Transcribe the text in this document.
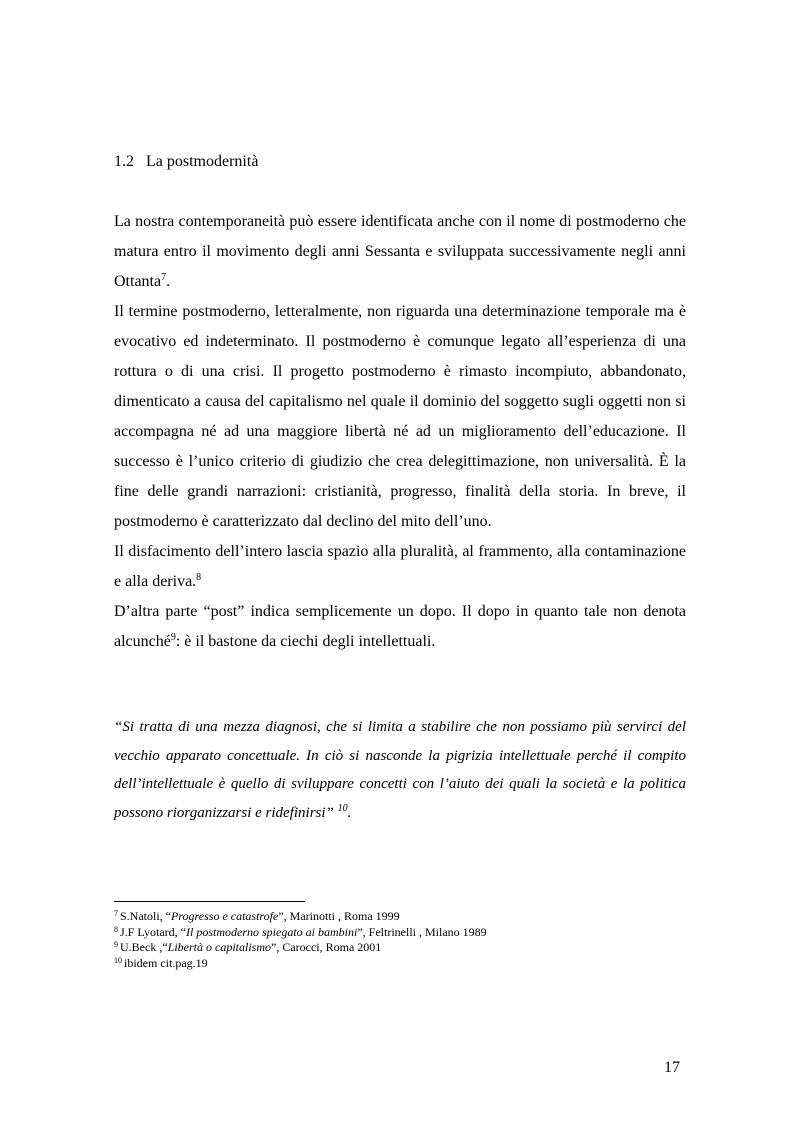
1.2 La postmodernità

La nostra contemporaneità può essere identificata anche con il nome di postmoderno che matura entro il movimento degli anni Sessanta e sviluppata successivamente negli anni Ottanta$^7$.

Il termine postmoderno, letteralmente, non riguarda una determinazione temporale ma è evocativo ed indeterminato. Il postmoderno è comunque legato all’esperienza di una rottura o di una crisi. Il progetto postmoderno è rimasto incompiuto, abbandonato, dimenticato a causa del capitalismo nel quale il dominio del soggetto sugli oggetti non si accompagna né ad una maggiore libertà né ad un miglioramento dell’educazione. Il successo è l’unico criterio di giudizio che crea delegittimazione, non universalità. È la fine delle grandi narrazioni: cristianità, progresso, finalità della storia. In breve, il postmoderno è caratterizzato dal declino del mito dell’uno.

Il disfacimento dell’intero lascia spazio alla pluralità, al frammento, alla contaminazione e alla deriva.$^8$

D’altra parte “post” indica semplicemente un dopo. Il dopo in quanto tale non denota alcunché$^9$: è il bastone da ciechi degli intellettuali.

“Si tratta di una mezza diagnosi, che si limita a stabilire che non possiamo più servirci del vecchio apparato concettuale. In ciò si nasconde la pigrizia intellettuale perché il compito dell’intellettuale è quello di sviluppare concetti con l’aiuto dei quali la società e la politica possono riorganizzarsi e ridefinirsi” $^{10}$.

$^7$ S.Natoli, “Progresso e catastrofe”, Marinotti , Roma 1999
$^8$ J.F Lyotard, “Il postmoderno spiegato ai bambini”, Feltrinelli , Milano 1989
$^9$ U.Beck ,“Libertà o capitalismo”, Carocci, Roma 2001
$^{10}$ ibidem cit.pag.19
17
